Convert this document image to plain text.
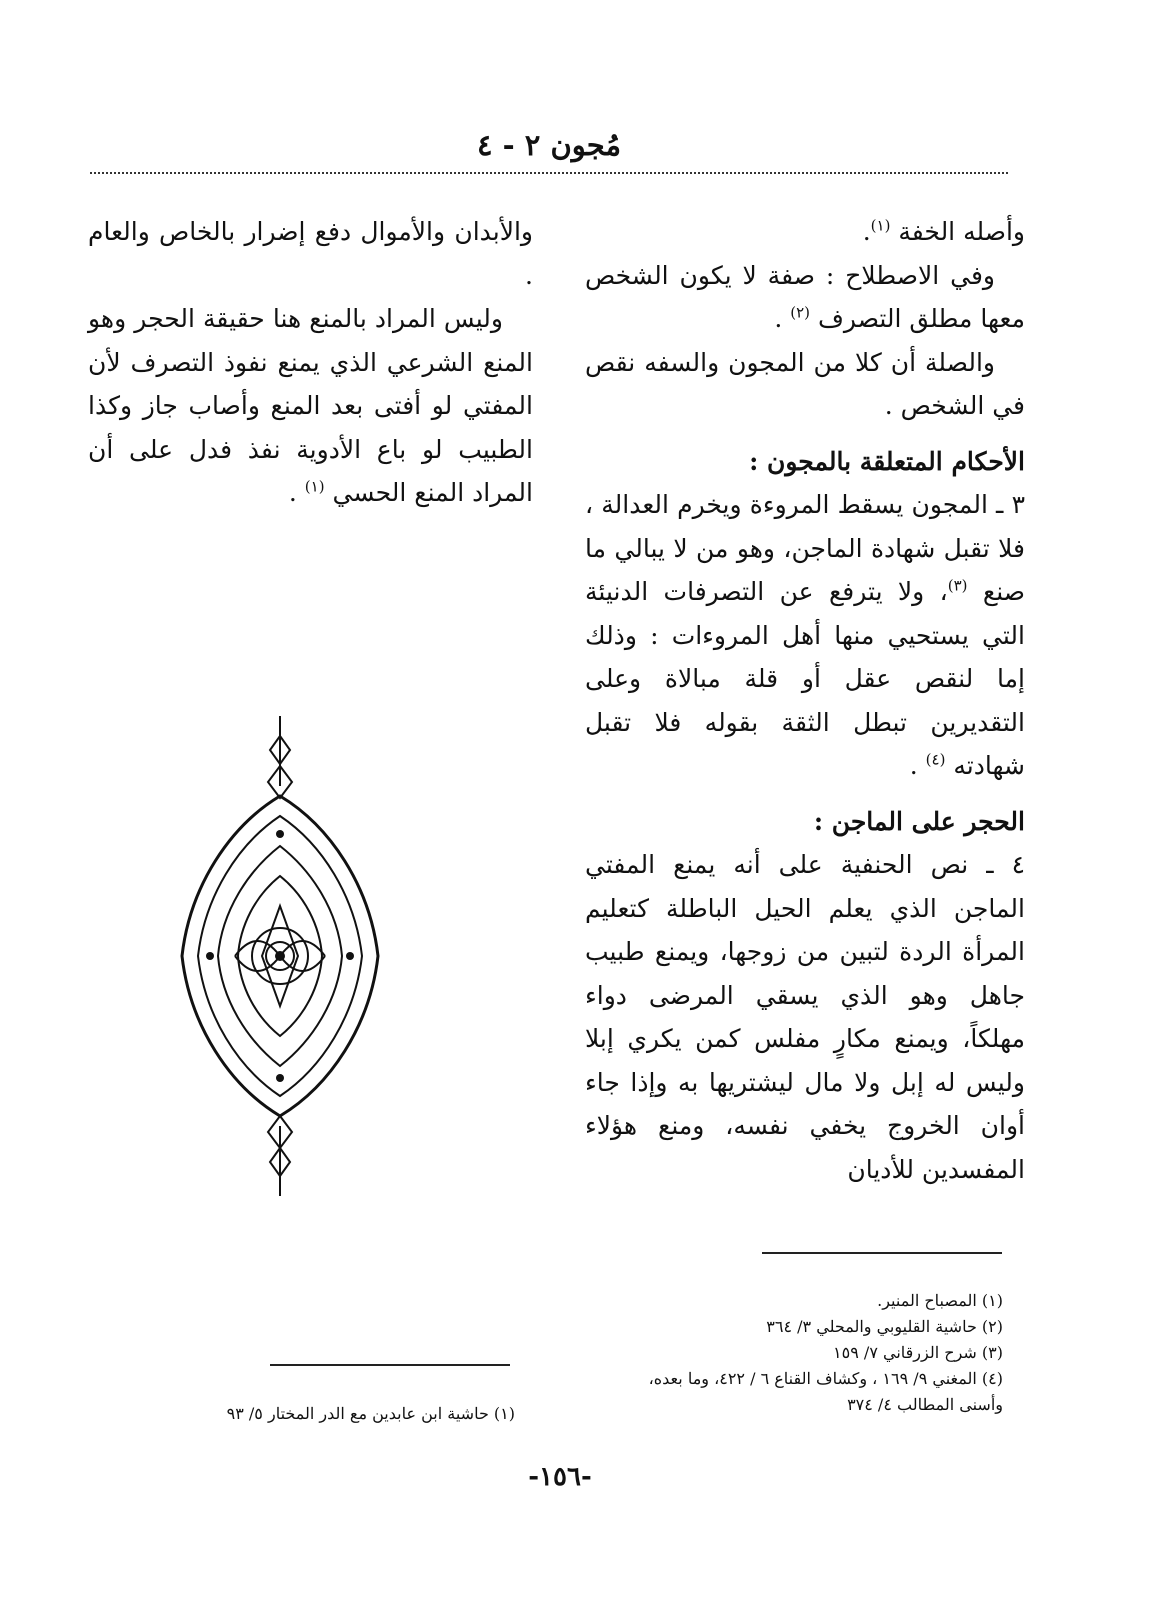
مُجون ٢ - ٤

وأصله الخفة $^{(١)}$.

وفي الاصطلاح : صفة لا يكون الشخص معها مطلق التصرف $^{(٢)}$ .

والصلة أن كلا من المجون والسفه نقص في الشخص .

الأحكام المتعلقة بالمجون :

٣ ـ المجون يسقط المروءة ويخرم العدالة ، فلا تقبل شهادة الماجن، وهو من لا يبالي ما صنع $^{(٣)}$، ولا يترفع عن التصرفات الدنيئة التي يستحيي منها أهل المروءات : وذلك إما لنقص عقل أو قلة مبالاة وعلى التقديرين تبطل الثقة بقوله فلا تقبل شهادته $^{(٤)}$ .

الحجر على الماجن :

٤ ـ نص الحنفية على أنه يمنع المفتي الماجن الذي يعلم الحيل الباطلة كتعليم المرأة الردة لتبين من زوجها، ويمنع طبيب جاهل وهو الذي يسقي المرضى دواء مهلكاً، ويمنع مكارٍ مفلس كمن يكري إبلا وليس له إبل ولا مال ليشتريها به وإذا جاء أوان الخروج يخفي نفسه، ومنع هؤلاء المفسدين للأديان

والأبدان والأموال دفع إضرار بالخاص والعام .

وليس المراد بالمنع هنا حقيقة الحجر وهو المنع الشرعي الذي يمنع نفوذ التصرف لأن المفتي لو أفتى بعد المنع وأصاب جاز وكذا الطبيب لو باع الأدوية نفذ فدل على أن المراد المنع الحسي $^{(١)}$ .

(١) المصباح المنير.
(٢) حاشية القليوبي والمحلي ٣/ ٣٦٤
(٣) شرح الزرقاني ٧/ ١٥٩
(٤) المغني ٩/ ١٦٩ ، وكشاف القناع ٦ / ٤٢٢، وما بعده،
وأسنى المطالب ٤/ ٣٧٤
(١) حاشية ابن عابدين مع الدر المختار ٥/ ٩٣
-١٥٦-
